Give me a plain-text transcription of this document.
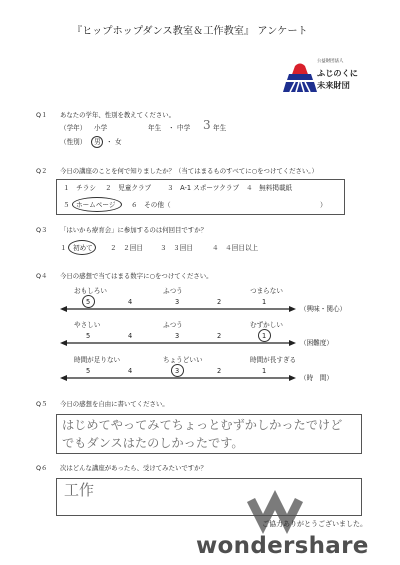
『ヒップホップダンス教室＆工作教室』 アンケート
公益財団法人
ふじのくに
未来財団
Q１ あなたの学年、性別を教えてください。
（学年） 小学	年生 ・ 中学 3 年生
（性別） 男 ・ 女
Q２ 今日の講座のことを何で知りましたか？（当てはまるものすべてに○をつけてください。）
１　チラシ ２　児童クラブ ３　A-1 スポーツクラブ ４　無料掲載紙
５ ホームページ ６　その他（	）
Q３ 「はいから療育会」に参加するのは何回目ですか？
１ 初めて	２　２回目	３　３回目	４　４回目以上
Q４ 今日の感想で当てはまる数字に○をつけてください。
おもしろい	ふつう	つまらない
（興味・関心）
5	4	3	2	1
やさしい	ふつう	むずかしい
（困難度）
5	4	3	2	1
時間が足りない	ちょうどいい	時間が長すぎる
（時　間）
5	4	3	2	1
Q５ 今日の感想を自由に書いてください。
はじめてやってみてちょっとむずかしかったでけど
でもダンスはたのしかったです。
Q６ 次はどんな講座があったら、受けてみたいですか？
工作
ご協力ありがとうございました。
wondershare
